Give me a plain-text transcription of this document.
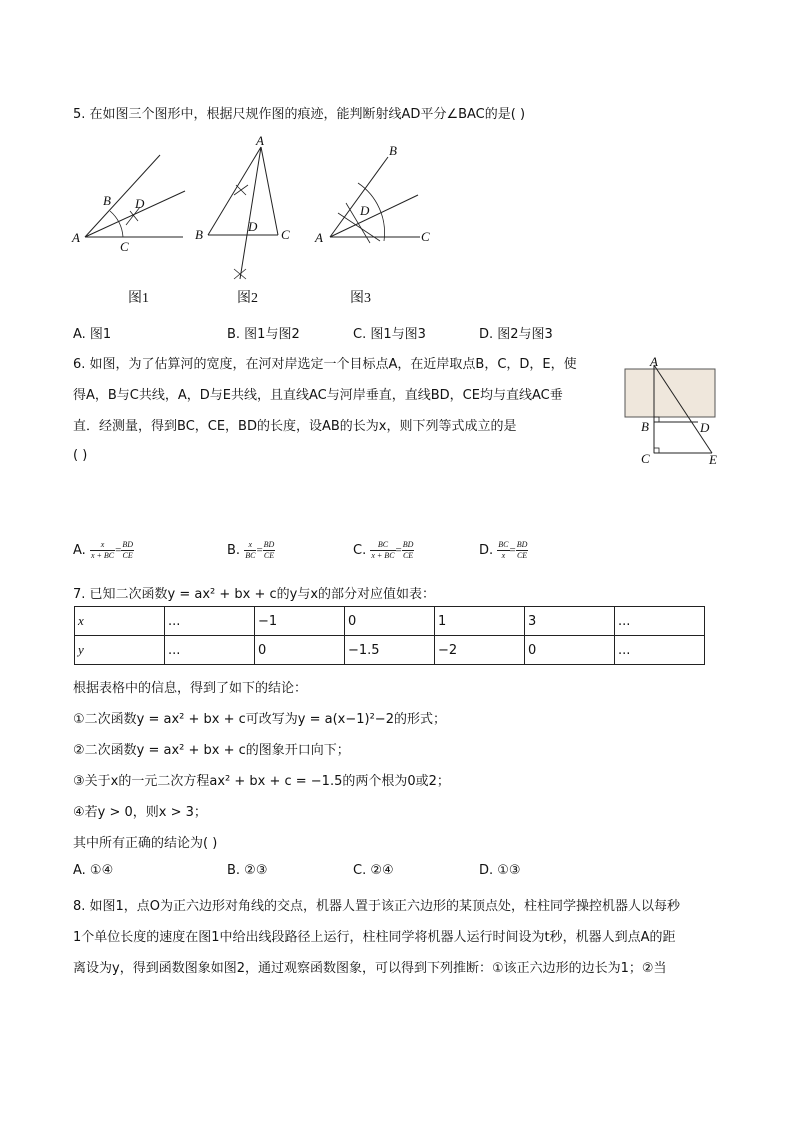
5. 在如图三个图形中，根据尺规作图的痕迹，能判断射线AD平分∠BAC的是( )
A
B
C
D
A
B
D
C A
B
D
C
图1	图2	图3
A. 图1	B. 图1与图2	C. 图1与图3	D. 图2与图3
6. 如图，为了估算河的宽度，在河对岸选定一个目标点A，在近岸取点B，C，D，E，使
得A，B与C共线，A，D与E共线，且直线AC与河岸垂直，直线BD，CE均与直线AC垂
直．经测量，得到BC，CE，BD的长度，设AB的长为x，则下列等式成立的是
( )
A
B	D
C	E
A. $\frac{x}{x + BC} = \frac{BD}{CE}$	B. $\frac{x}{BC} = \frac{BD}{CE}$	C. $\frac{BC}{x + BC} = \frac{BD}{CE}$	D. $\frac{BC}{x} = \frac{BD}{CE}$
7. 已知二次函数y = ax² + bx + c的y与x的部分对应值如表：
x	...	−1	0	1	3	...
y	...	0	−1.5	−2	0	...
根据表格中的信息，得到了如下的结论：
①二次函数y = ax² + bx + c可改写为y = a(x−1)²−2的形式；
②二次函数y = ax² + bx + c的图象开口向下；
③关于x的一元二次方程ax² + bx + c = −1.5的两个根为0或2；
④若y > 0，则x > 3；
其中所有正确的结论为( )
A. ①④	B. ②③	C. ②④	D. ①③
8. 如图1，点O为正六边形对角线的交点，机器人置于该正六边形的某顶点处，柱柱同学操控机器人以每秒
1个单位长度的速度在图1中给出线段路径上运行，柱柱同学将机器人运行时间设为t秒，机器人到点A的距
离设为y，得到函数图象如图2，通过观察函数图象，可以得到下列推断：①该正六边形的边长为1；②当
